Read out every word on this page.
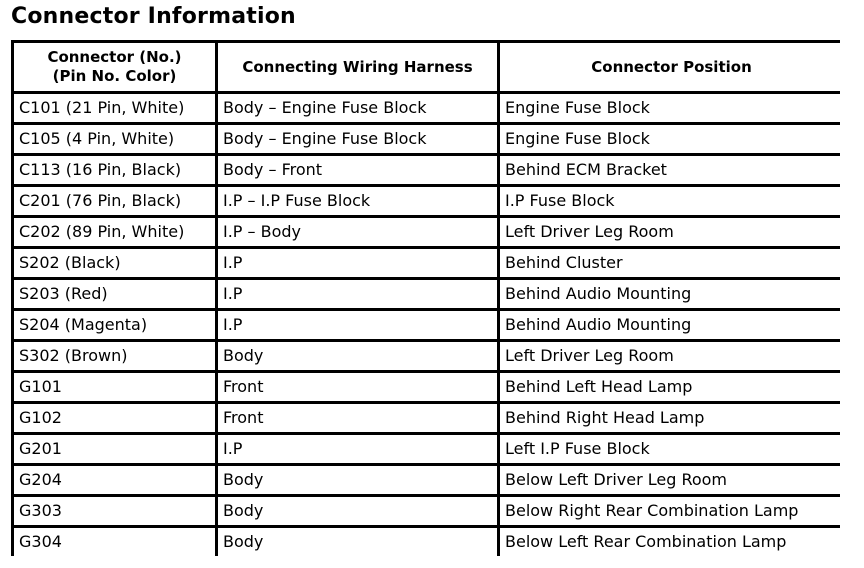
Connector Information
Connector (No.)
(Pin No. Color)	Connecting Wiring Harness	Connector Position
C101 (21 Pin, White)	Body – Engine Fuse Block	Engine Fuse Block
C105 (4 Pin, White)	Body – Engine Fuse Block	Engine Fuse Block
C113 (16 Pin, Black)	Body – Front	Behind ECM Bracket
C201 (76 Pin, Black)	I.P – I.P Fuse Block	I.P Fuse Block
C202 (89 Pin, White)	I.P – Body	Left Driver Leg Room
S202 (Black)	I.P	Behind Cluster
S203 (Red)	I.P	Behind Audio Mounting
S204 (Magenta)	I.P	Behind Audio Mounting
S302 (Brown)	Body	Left Driver Leg Room
G101	Front	Behind Left Head Lamp
G102	Front	Behind Right Head Lamp
G201	I.P	Left I.P Fuse Block
G204	Body	Below Left Driver Leg Room
G303	Body	Below Right Rear Combination Lamp
G304	Body	Below Left Rear Combination Lamp
